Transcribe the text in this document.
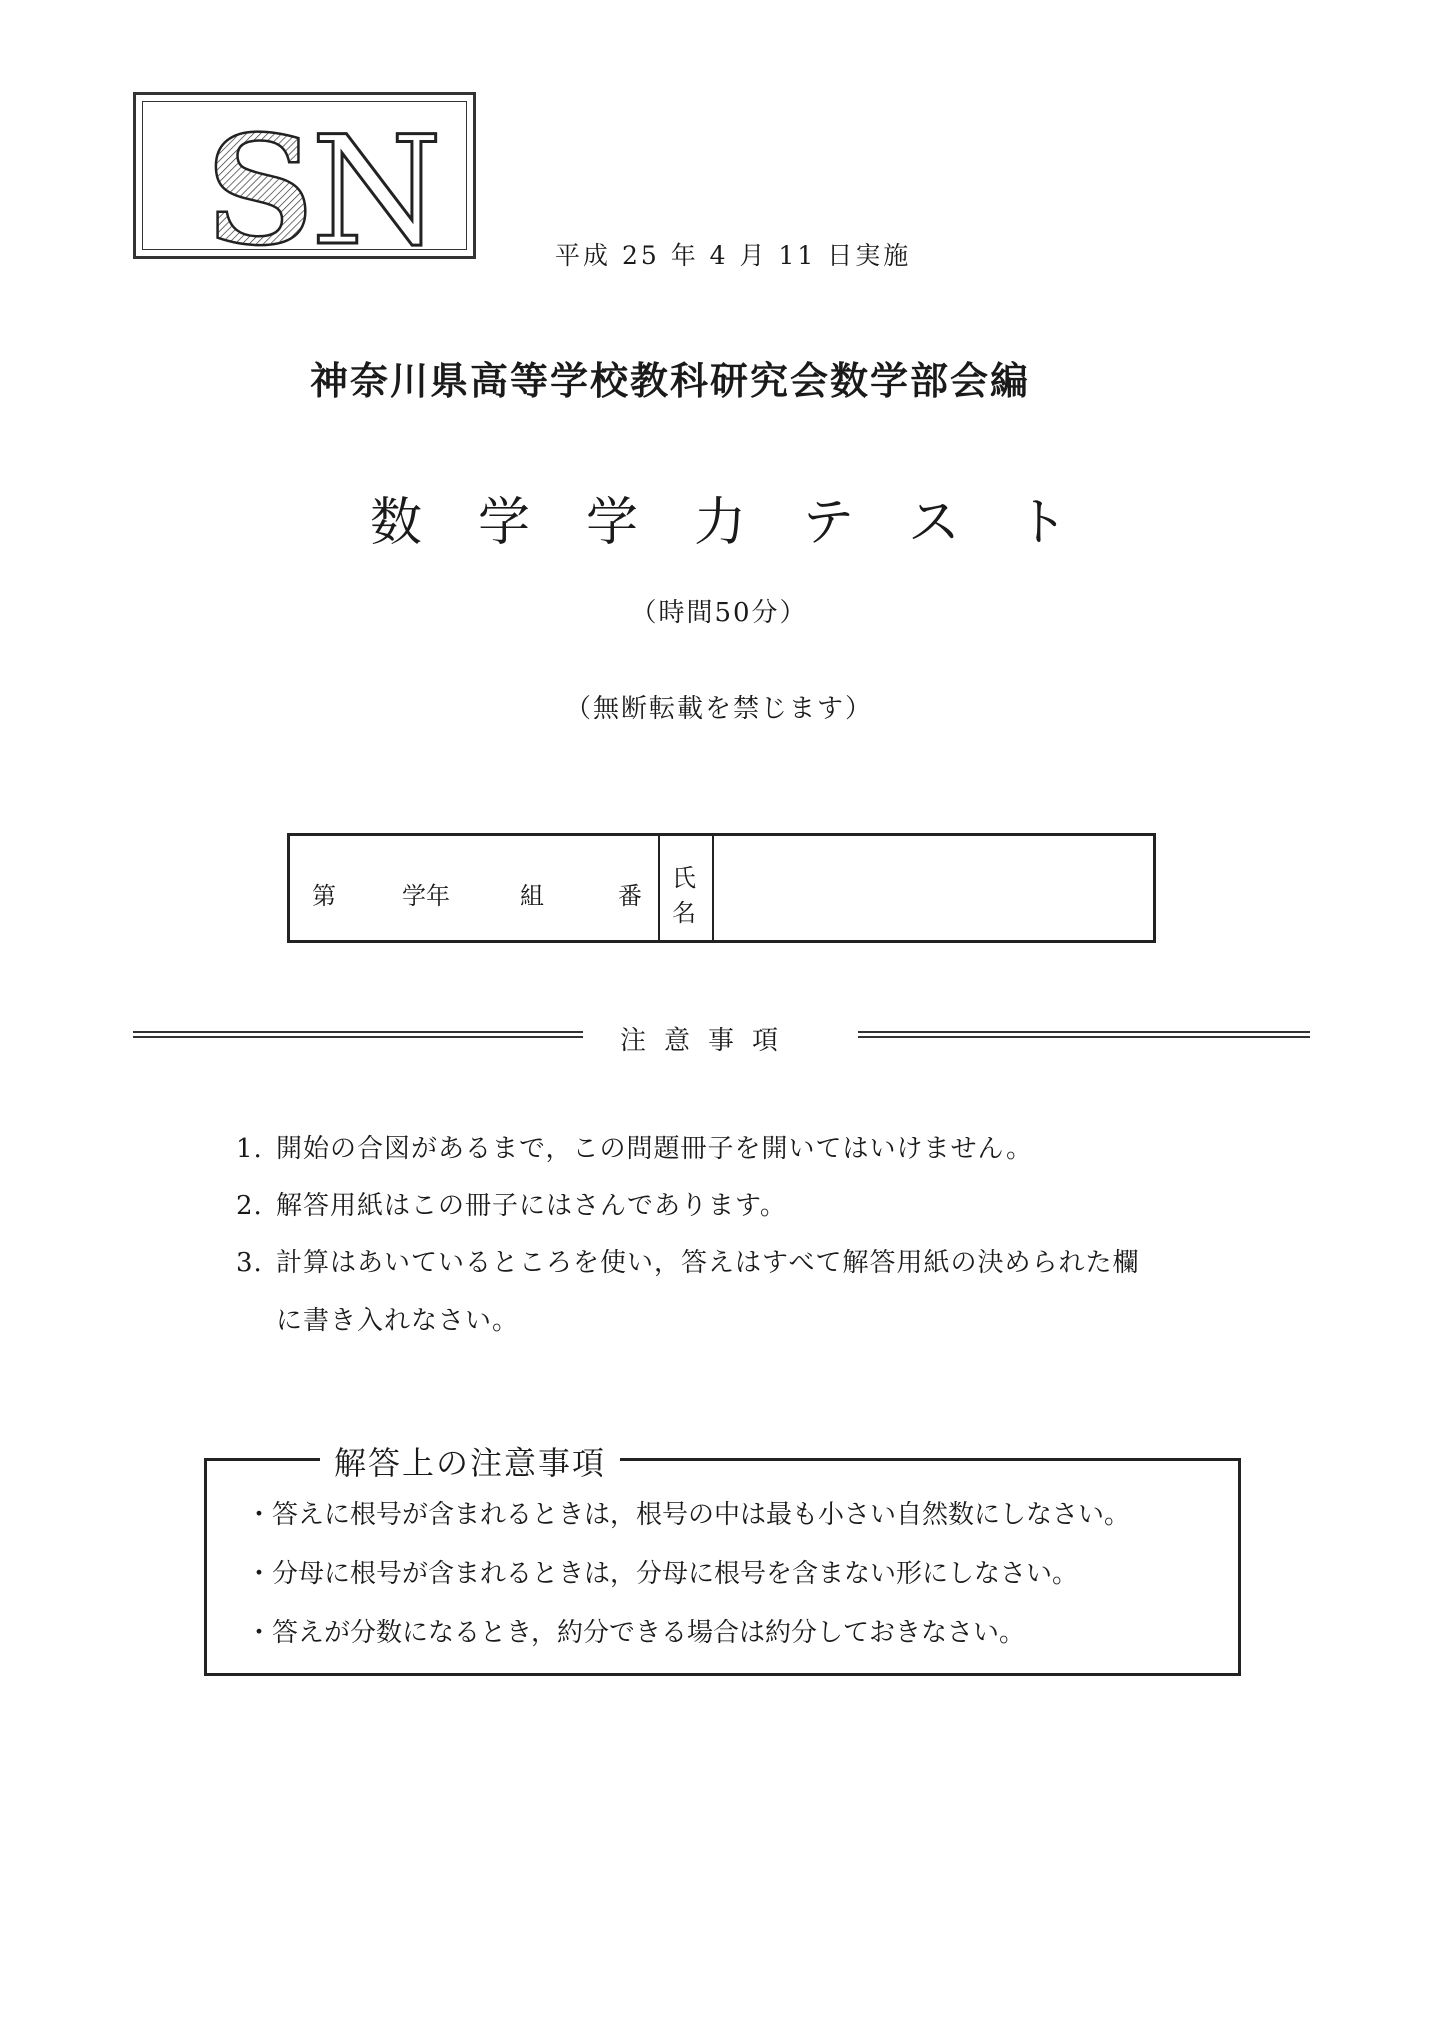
S
N	平成 25 年 4 月 11 日実施
神奈川県高等学校教科研究会数学部会編
数学学力テスト
（時間50分）
（無断転載を禁じます）
第	学年	組	番
氏
名
注意事項
1. 開始の合図があるまで，この問題冊子を開いてはいけません。
2. 解答用紙はこの冊子にはさんであります。
3. 計算はあいているところを使い，答えはすべて解答用紙の決められた欄
に書き入れなさい。
解答上の注意事項
・答えに根号が含まれるときは，根号の中は最も小さい自然数にしなさい。
・分母に根号が含まれるときは，分母に根号を含まない形にしなさい。
・答えが分数になるとき，約分できる場合は約分しておきなさい。
